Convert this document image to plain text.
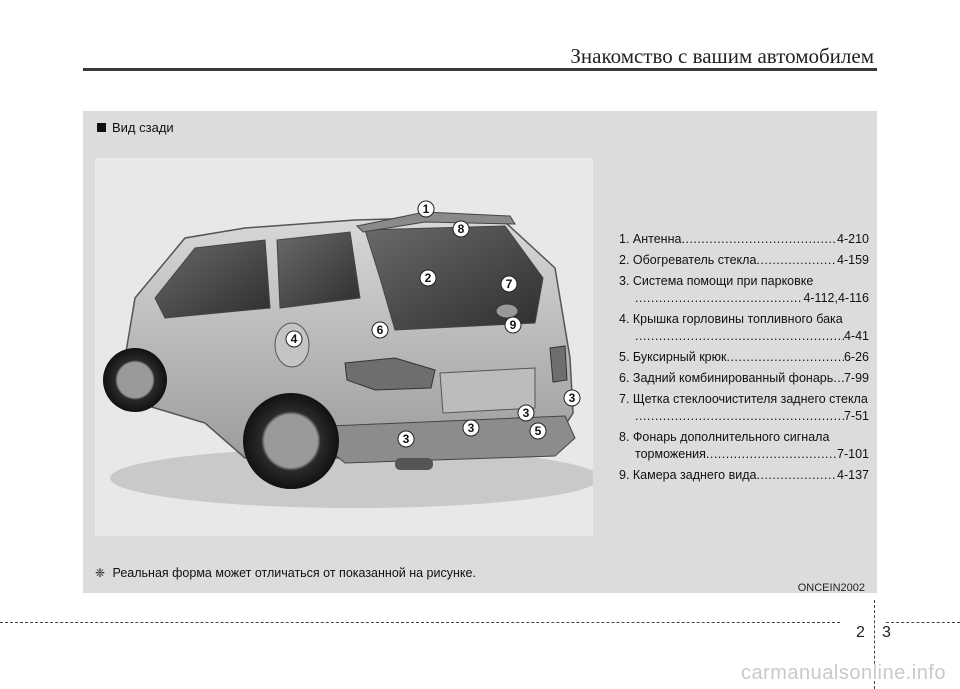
Знакомство с вашим автомобилем
Вид сзади
1
2
3
3
3
3
4
5
6
7
8
9
1. Антенна .....	4-210
2. Обогреватель стекла .....	4-159
3. Система помощи при парковке
.....
4-112,4-116
4. Крышка горловины топливного бака
.....
4-41
5. Буксирный крюк .....	6-26
6. Задний комбинированный фонарь ..... 7-99
7. Щетка стеклоочистителя заднего стекла
.....
7-51
8. Фонарь дополнительного сигнала
торможения .....	7-101
9. Камера заднего вида .....	4-137
❈ Реальная форма может отличаться от показанной на рисунке.
ONCEIN2002
2 3
carmanualsonline.info
